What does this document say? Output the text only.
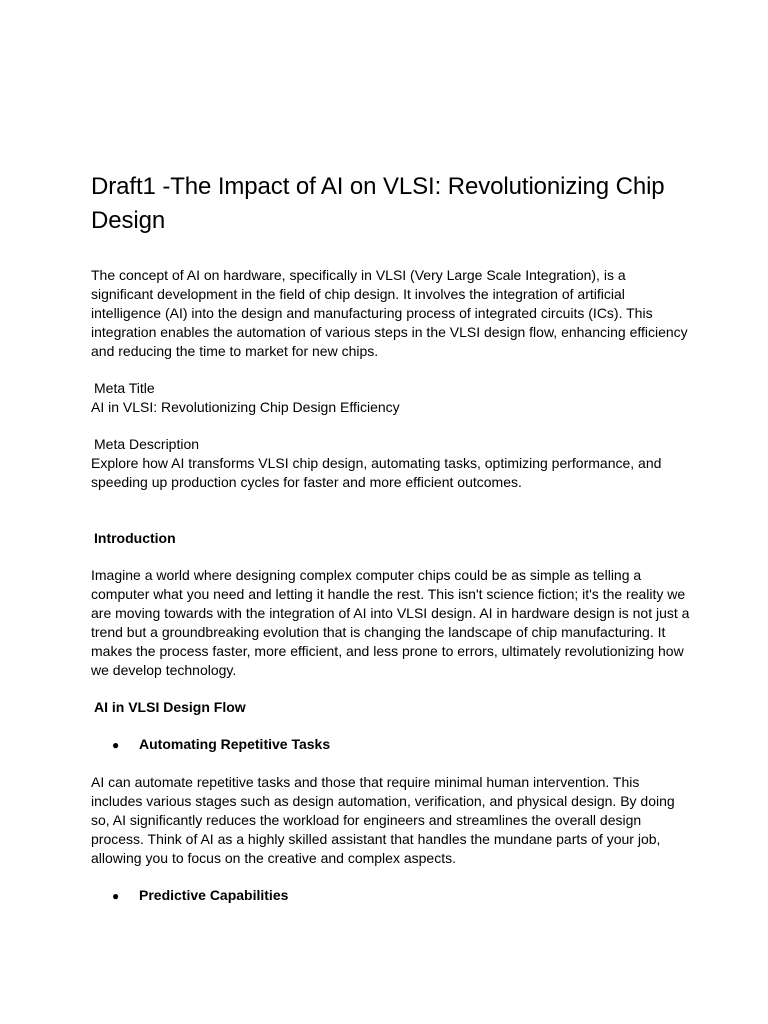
Draft1 -The Impact of AI on VLSI: Revolutionizing Chip Design

The concept of AI on hardware, specifically in VLSI (Very Large Scale Integration), is a significant development in the field of chip design. It involves the integration of artificial intelligence (AI) into the design and manufacturing process of integrated circuits (ICs). This integration enables the automation of various steps in the VLSI design flow, enhancing efficiency and reducing the time to market for new chips.

Meta Title

AI in VLSI: Revolutionizing Chip Design Efficiency

Meta Description

Explore how AI transforms VLSI chip design, automating tasks, optimizing performance, and speeding up production cycles for faster and more efficient outcomes.

Introduction

Imagine a world where designing complex computer chips could be as simple as telling a computer what you need and letting it handle the rest. This isn't science fiction; it's the reality we are moving towards with the integration of AI into VLSI design. AI in hardware design is not just a trend but a groundbreaking evolution that is changing the landscape of chip manufacturing. It makes the process faster, more efficient, and less prone to errors, ultimately revolutionizing how we develop technology.

AI in VLSI Design Flow

●	Automating Repetitive Tasks

AI can automate repetitive tasks and those that require minimal human intervention. This includes various stages such as design automation, verification, and physical design. By doing so, AI significantly reduces the workload for engineers and streamlines the overall design process. Think of AI as a highly skilled assistant that handles the mundane parts of your job, allowing you to focus on the creative and complex aspects.

●	Predictive Capabilities
